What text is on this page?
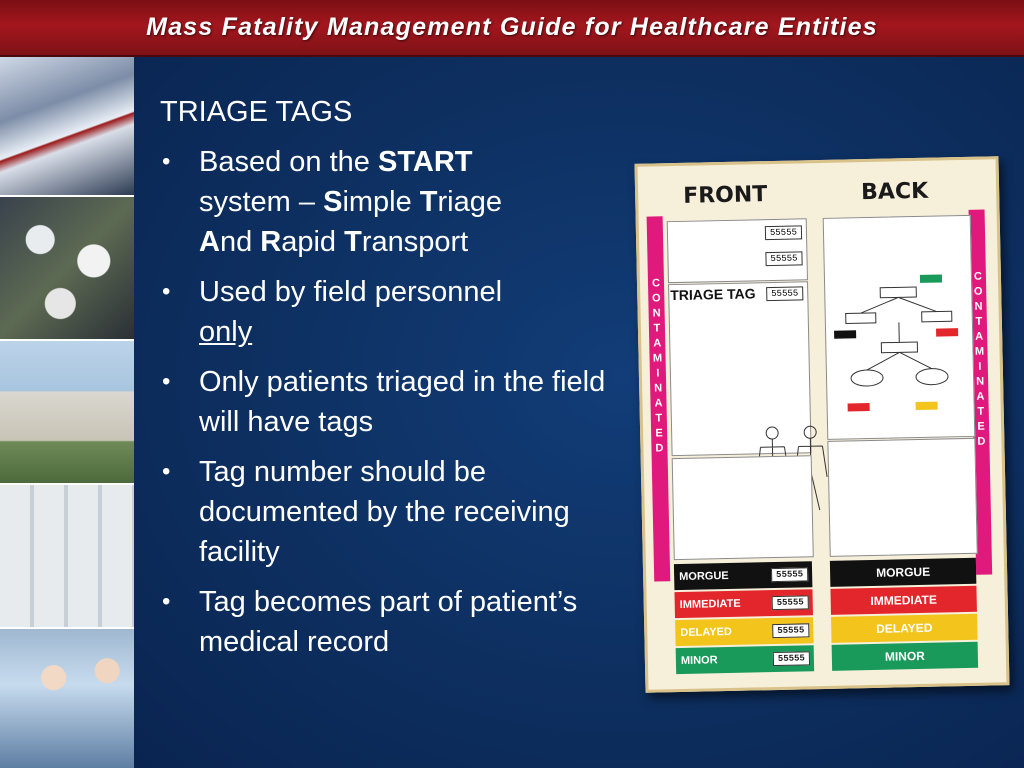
Mass Fatality Management Guide for Healthcare Entities
TRIAGE TAGS
• Based on the START
system – Simple Triage
And Rapid Transport
• Used by field personnel
only
• Only patients triaged in the field will have tags
• Tag number should be documented by the receiving facility
• Tag becomes part of patient’s medical record
FRONT
C
O
N
T
A
M
I
N
A
T
E
D
55555
55555
55555
TRIAGE TAG
MORGUE	55555
IMMEDIATE	55555
DELAYED	55555
MINOR	55555
BACK
C
O
N
T
A
M
I
N
A
T
E
D
MORGUE
IMMEDIATE
DELAYED
MINOR
